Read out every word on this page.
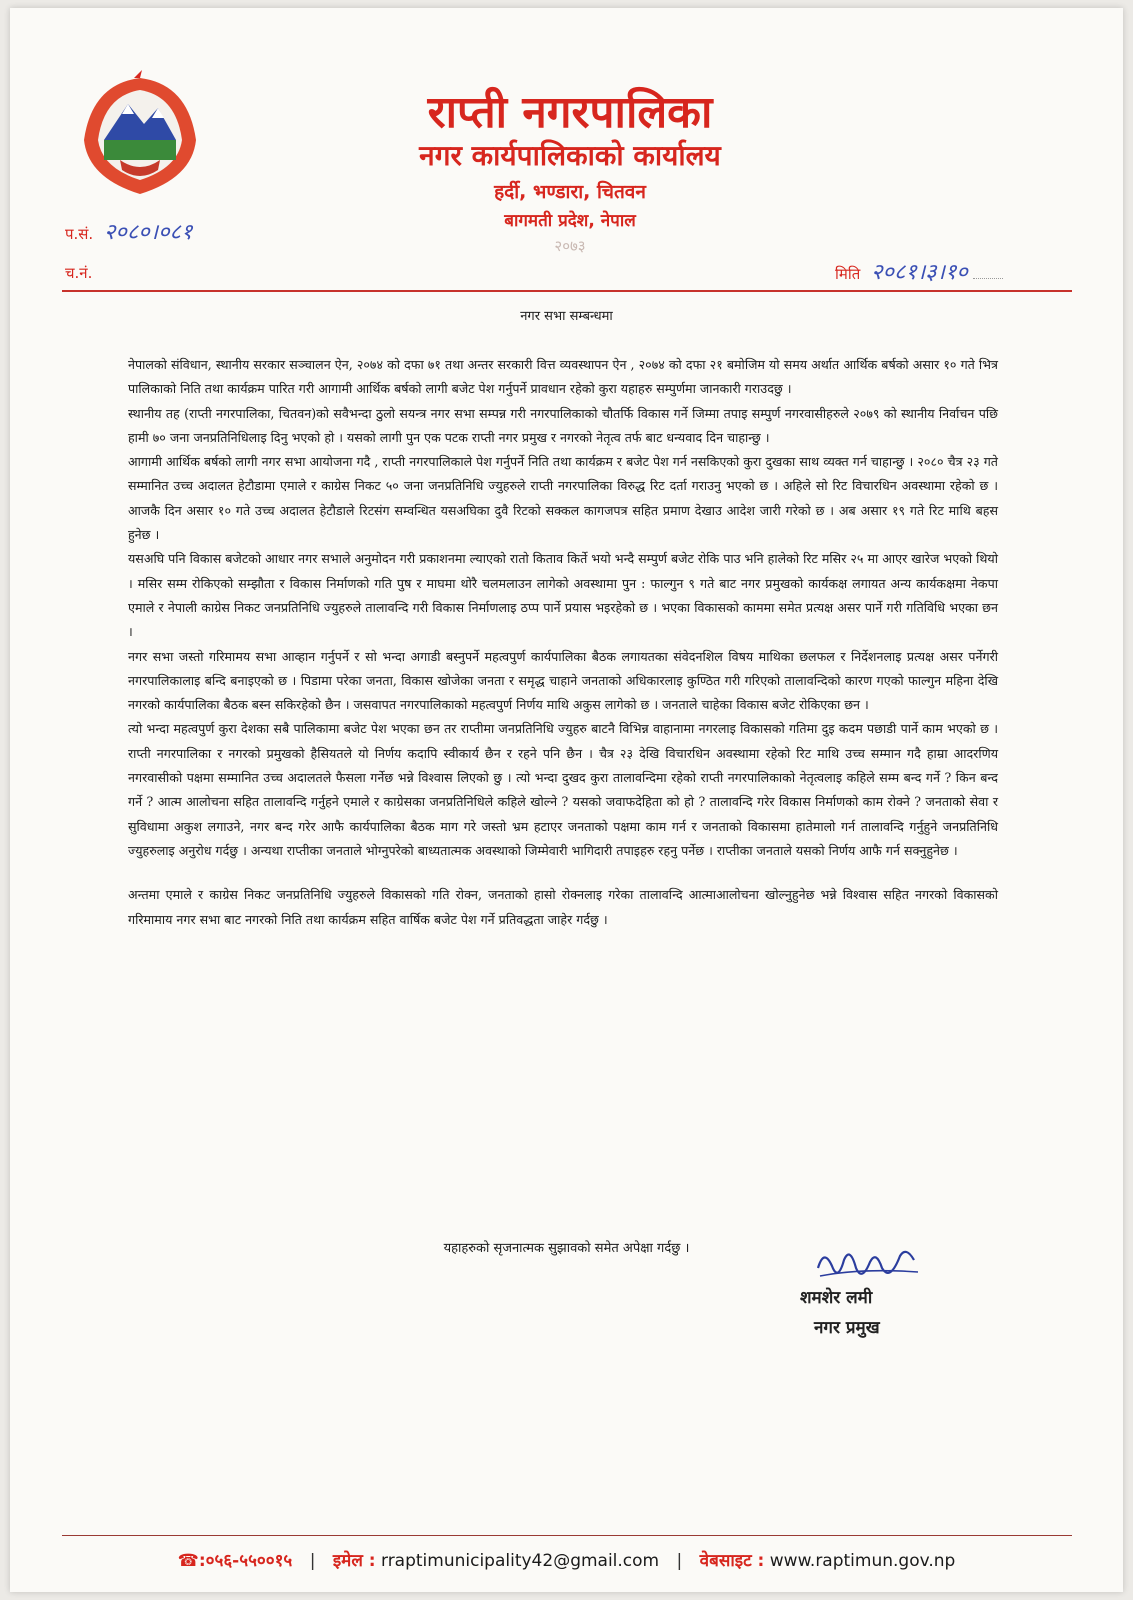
राप्ती नगरपालिका
नगर कार्यपालिकाको कार्यालय
हर्दी, भण्डारा, चितवन
बागमती प्रदेश, नेपाल
२०७३
प.सं. २०८०।०८१
च.नं.	मिति २०८१।३।१०
नगर सभा सम्बन्धमा

नेपालको संविधान, स्थानीय सरकार सञ्चालन ऐन, २०७४ को दफा ७१ तथा अन्तर सरकारी वित्त व्यवस्थापन ऐन , २०७४ को दफा २१ बमोजिम यो समय अर्थात आर्थिक बर्षको असार १० गते भित्र पालिकाको निति तथा कार्यक्रम पारित गरी आगामी आर्थिक बर्षको लागी बजेट पेश गर्नुपर्ने प्रावधान रहेको कुरा यहाहरु सम्पुर्णमा जानकारी गराउदछु ।

स्थानीय तह (राप्ती नगरपालिका, चितवन)को सवैभन्दा ठुलो सयन्त्र नगर सभा सम्पन्न गरी नगरपालिकाको चौतर्फि विकास गर्ने जिम्मा तपाइ सम्पुर्ण नगरवासीहरुले २०७९ को स्थानीय निर्वाचन पछि हामी ७० जना जनप्रतिनिधिलाइ दिनु भएको हो । यसको लागी पुन एक पटक राप्ती नगर प्रमुख र नगरको नेतृत्व तर्फ बाट धन्यवाद दिन चाहान्छु ।

आगामी आर्थिक बर्षको लागी नगर सभा आयोजना गदै , राप्ती नगरपालिकाले पेश गर्नुपर्ने निति तथा कार्यक्रम र बजेट पेश गर्न नसकिएको कुरा दुखका साथ व्यक्त गर्न चाहान्छु । २०८० चैत्र २३ गते सम्मानित उच्च अदालत हेटौडामा एमाले र काग्रेस निकट ५० जना जनप्रतिनिधि ज्युहरुले राप्ती नगरपालिका विरुद्ध रिट दर्ता गराउनु भएको छ । अहिले सो रिट विचारधिन अवस्थामा रहेको छ । आजकै दिन असार १० गते उच्च अदालत हेटौडाले रिटसंग सम्वन्धित यसअघिका दुवै रिटको सक्कल कागजपत्र सहित प्रमाण देखाउ आदेश जारी गरेको छ । अब असार १९ गते रिट माथि बहस हुनेछ ।

यसअघि पनि विकास बजेटको आधार नगर सभाले अनुमोदन गरी प्रकाशनमा ल्याएको रातो किताव किर्ते भयो भन्दै सम्पुर्ण बजेट रोकि पाउ भनि हालेको रिट मसिर २५ मा आएर खारेज भएको थियो । मसिर सम्म रोकिएको सम्झौता र विकास निर्माणको गति पुष र माघमा थोरै चलमलाउन लागेको अवस्थामा पुन : फाल्गुन ९ गते बाट नगर प्रमुखको कार्यकक्ष लगायत अन्य कार्यकक्षमा नेकपा एमाले र नेपाली काग्रेस निकट जनप्रतिनिधि ज्युहरुले तालावन्दि गरी विकास निर्माणलाइ ठप्प पार्ने प्रयास भइरहेको छ । भएका विकासको काममा समेत प्रत्यक्ष असर पार्ने गरी गतिविधि भएका छन ।

नगर सभा जस्तो गरिमामय सभा आव्हान गर्नुपर्ने र सो भन्दा अगाडी बस्नुपर्ने महत्वपुर्ण कार्यपालिका बैठक लगायतका संवेदनशिल विषय माथिका छलफल र निर्देशनलाइ प्रत्यक्ष असर पर्नेगरी नगरपालिकालाइ बन्दि बनाइएको छ । पिडामा परेका जनता, विकास खोजेका जनता र समृद्ध चाहाने जनताको अधिकारलाइ कुण्ठित गरी गरिएको तालावन्दिको कारण गएको फाल्गुन महिना देखि नगरको कार्यपालिका बैठक बस्न सकिरहेको छैन । जसवापत नगरपालिकाको महत्वपुर्ण निर्णय माथि अकुस लागेको छ । जनताले चाहेका विकास बजेट रोकिएका छन ।

त्यो भन्दा महत्वपुर्ण कुरा देशका सबै पालिकामा बजेट पेश भएका छन तर राप्तीमा जनप्रतिनिधि ज्युहरु बाटनै विभिन्न वाहानामा नगरलाइ विकासको गतिमा दुइ कदम पछाडी पार्ने काम भएको छ । राप्ती नगरपालिका र नगरको प्रमुखको हैसियतले यो निर्णय कदापि स्वीकार्य छैन र रहने पनि छैन । चैत्र २३ देखि विचारधिन अवस्थामा रहेको रिट माथि उच्च सम्मान गदै हाम्रा आदरणिय नगरवासीको पक्षमा सम्मानित उच्च अदालतले फैसला गर्नेछ भन्ने विश्वास लिएको छु । त्यो भन्दा दुखद कुरा तालावन्दिमा रहेको राप्ती नगरपालिकाको नेतृत्वलाइ कहिले सम्म बन्द गर्ने ? किन बन्द गर्ने ? आत्म आलोचना सहित तालावन्दि गर्नुहने एमाले र काग्रेसका जनप्रतिनिधिले कहिले खोल्ने ? यसको जवाफदेहिता को हो ? तालावन्दि गरेर विकास निर्माणको काम रोक्ने ? जनताको सेवा र सुविधामा अकुश लगाउने, नगर बन्द गरेर आफै कार्यपालिका बैठक माग गरे जस्तो भ्रम हटाएर जनताको पक्षमा काम गर्न र जनताको विकासमा हातेमालो गर्न तालावन्दि गर्नुहुने जनप्रतिनिधि ज्युहरुलाइ अनुरोध गर्दछु । अन्यथा राप्तीका जनताले भोग्नुपरेको बाध्यतात्मक अवस्थाको जिम्मेवारी भागिदारी तपाइहरु रहनु पर्नेछ । राप्तीका जनताले यसको निर्णय आफै गर्न सक्नुहुनेछ ।

अन्तमा एमाले र काग्रेस निकट जनप्रतिनिधि ज्युहरुले विकासको गति रोक्न, जनताको हासो रोक्नलाइ गरेका तालावन्दि आत्माआलोचना खोल्नुहुनेछ भन्ने विश्वास सहित नगरको विकासको गरिमामाय नगर सभा बाट नगरको निति तथा कार्यक्रम सहित वार्षिक बजेट पेश गर्ने प्रतिवद्धता जाहेर गर्दछु ।

यहाहरुको सृजनात्मक सुझावको समेत अपेक्षा गर्दछु ।
शमशेर लमी
नगर प्रमुख
☎:०५६-५५००१५ | इमेल : rraptimunicipality42@gmail.com | वेबसाइट : www.raptimun.gov.np
